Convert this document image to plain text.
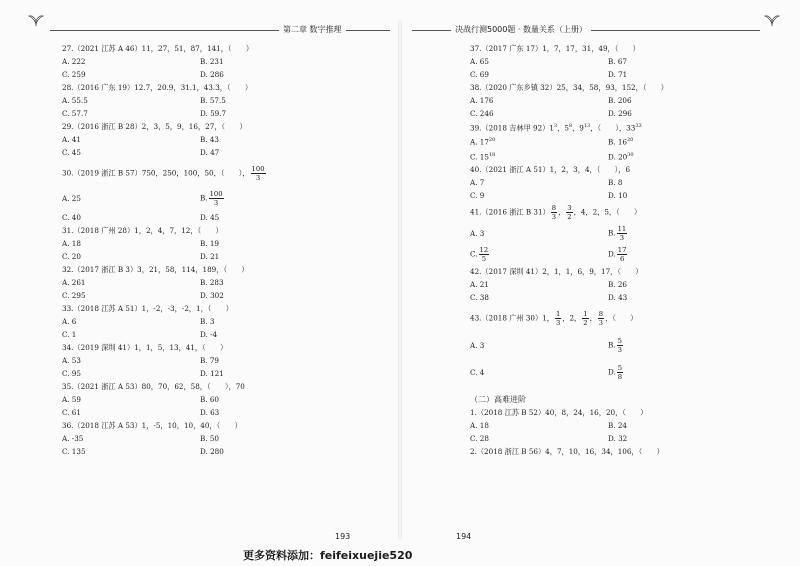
第二章 数字推理	决战行测5000题 · 数量关系（上册）
27.（2021 江苏 A 46）11，27，51，87，141，（　　）
A. 222	B. 231
C. 259	D. 286
28.（2016 广东 19）12.7，20.9，31.1，43.3，（　　）
A. 55.5	B. 57.5
C. 57.7	D. 59.7
29.（2016 浙江 B 28）2，3，5，9，16，27，（　　）
A. 41	B. 43
C. 45	D. 47
30.（2019 浙江 B 57）750，250，100，50，（　　）， $\frac{100}{3}$
A. 25	B. $\frac{100}{3}$
C. 40	D. 45
31.（2018 广州 28）1，2，4，7，12，（　　）
A. 18	B. 19
C. 20	D. 21
32.（2017 浙江 B 3）3，21，58，114，189，（　　）
A. 261	B. 283
C. 295	D. 302
33.（2018 江苏 A 51）1，-2，-3，-2，1，（　　）
A. 6	B. 3
C. 1	D. -4
34.（2019 深圳 41）1，1，5，13，41，（　　）
A. 53	B. 79
C. 95	D. 121
35.（2021 浙江 A 53）80，70，62，58，（　　），70
A. 59	B. 60
C. 61	D. 63
36.（2018 江苏 A 53）1，-5，10，10，40，（　　）
A. -35	B. 50
C. 135	D. 280
37.（2017 广东 17）1，7，17，31，49，（　　）
A. 65	B. 67
C. 69	D. 71
38.（2020 广东乡镇 32）25，34，58，93，152，（　　）
A. 176	B. 206
C. 246	D. 296
39.（2018 吉林甲 $92)1^3$，$5^8$，$9^{13}$，（　　），$33^{33}$
A. $17^{20}$	B. $16^{20}$
C. $15^{18}$	D. $20^{30}$
40.（2021 浙江 A 51）1，2，3，4，（　　），6
A. 7	B. 8
C. 9	D. 10
41.（2016 浙江 B $31) \frac{8}{3}$ ， $\frac{3}{2}$ ，4，2，5，（　　）
A. 3	B. $\frac{11}{3}$
C. $\frac{12}{5}$	D. $\frac{17}{6}$
42.（2017 深圳 41）2，1，1，6，9，17，（　　）
A. 21	B. 26
C. 38	D. 43
43.（2018 广州 30）1， $\frac{1}{3}$ ，2， $\frac{1}{2}$ ， $\frac{8}{3}$ ，（　　）
A. 3	B. $\frac{5}{3}$
C. 4	D. $\frac{5}{8}$
（二）高难进阶
1.（2018 江苏 B 52）40，8，24，16，20，（　　）
A. 18	B. 24
C. 28	D. 32
2.（2018 浙江 B 56）4，7，10，16，34，106，（　　）
193	194
更多资料添加：feifeixuejie520
